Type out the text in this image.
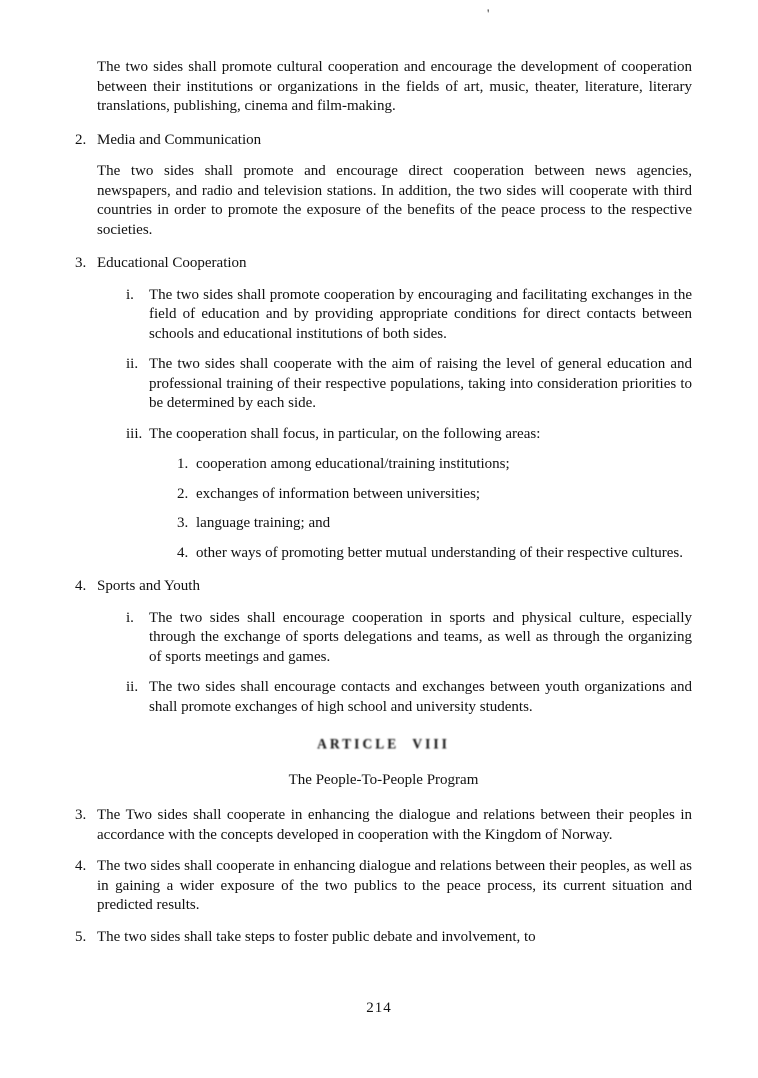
'

The two sides shall promote cultural cooperation and encourage the development of cooperation between their institutions or organizations in the fields of art, music, theater, literature, literary translations, publishing, cinema and film-making.

2. Media and Communication

The two sides shall promote and encourage direct cooperation between news agencies, newspapers, and radio and television stations. In addition, the two sides will cooperate with third countries in order to promote the exposure of the benefits of the peace process to the respective societies.

3. Educational Cooperation
i.	The two sides shall promote cooperation by encouraging and facilitating exchanges in the field of education and by providing appropriate conditions for direct contacts between schools and educational institutions of both sides.
ii. The two sides shall cooperate with the aim of raising the level of general education and professional training of their respective populations, taking into consideration priorities to be determined by each side.
iii. The cooperation shall focus, in particular, on the following areas:
1. cooperation among educational/training institutions;
2. exchanges of information between universities;
3. language training; and
4. other ways of promoting better mutual understanding of their respective cultures.
4. Sports and Youth
i.	The two sides shall encourage cooperation in sports and physical culture, especially through the exchange of sports delegations and teams, as well as through the organizing of sports meetings and games.
ii. The two sides shall encourage contacts and exchanges between youth organizations and shall promote exchanges of high school and university students.
ARTICLE VIII
The People-To-People Program
3. The Two sides shall cooperate in enhancing the dialogue and relations between their peoples in accordance with the concepts developed in cooperation with the Kingdom of Norway.
4. The two sides shall cooperate in enhancing dialogue and relations between their peoples, as well as in gaining a wider exposure of the two publics to the peace process, its current situation and predicted results.
5. The two sides shall take steps to foster public debate and involvement, to
214
